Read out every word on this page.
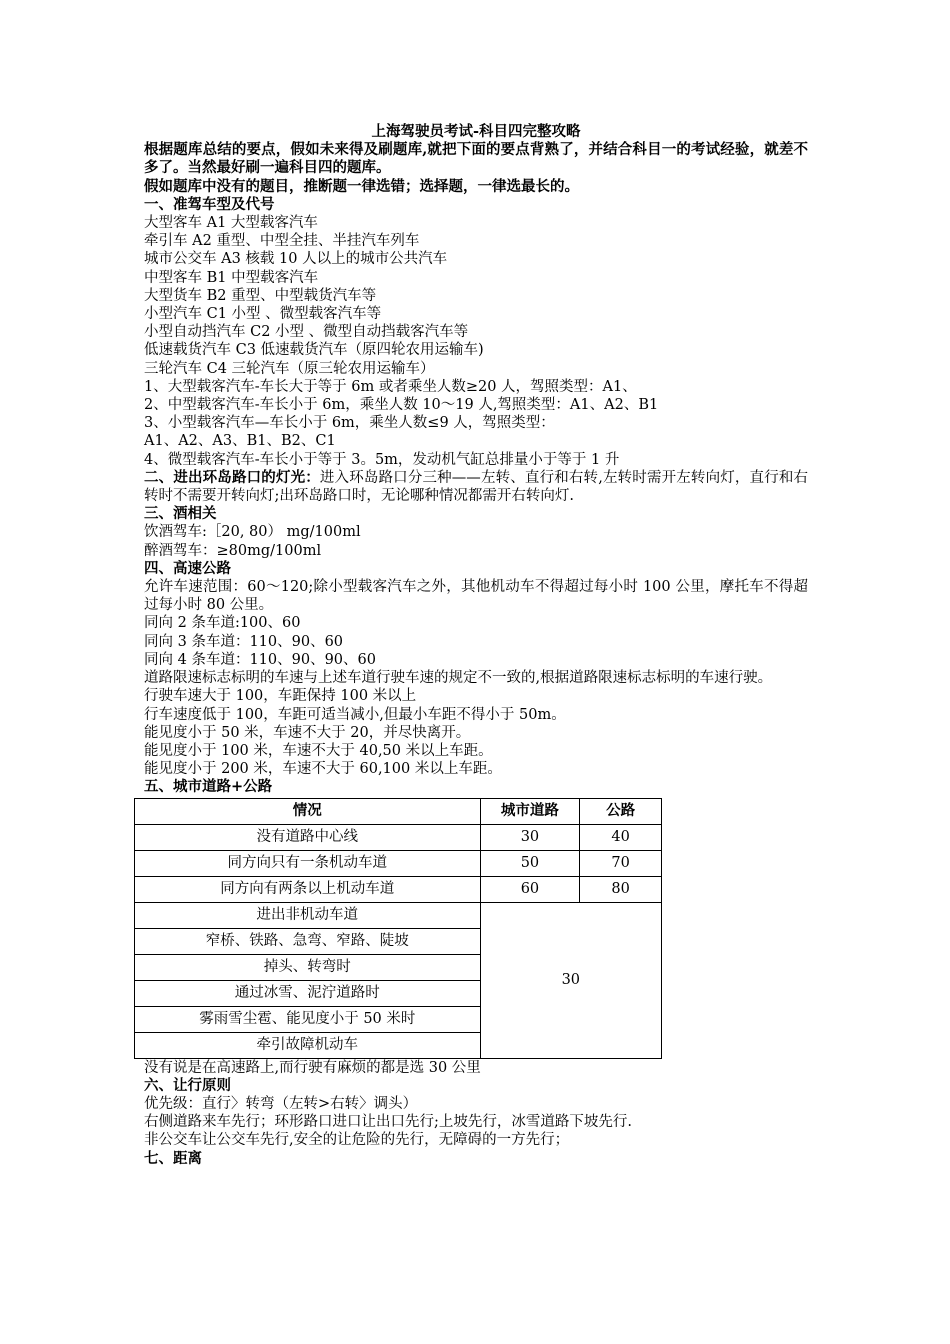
上海驾驶员考试-科目四完整攻略

根据题库总结的要点，假如未来得及刷题库,就把下面的要点背熟了，并结合科目一的考试经验，就差不多了。当然最好刷一遍科目四的题库。

假如题库中没有的题目，推断题一律选错；选择题，一律选最长的。

一、准驾车型及代号

大型客车 A1 大型载客汽车

牵引车 A2 重型、中型全挂、半挂汽车列车

城市公交车 A3 核载 10 人以上的城市公共汽车

中型客车 B1 中型载客汽车

大型货车 B2 重型、中型载货汽车等

小型汽车 C1 小型 、微型载客汽车等

小型自动挡汽车 C2 小型 、微型自动挡载客汽车等

低速载货汽车 C3 低速载货汽车（原四轮农用运输车)

三轮汽车 C4 三轮汽车（原三轮农用运输车）

1、大型载客汽车-车长大于等于 6m 或者乘坐人数≥20 人，驾照类型：A1、

2、中型载客汽车-车长小于 6m，乘坐人数 10～19 人,驾照类型：A1、A2、B1

3、小型载客汽车—车长小于 6m，乘坐人数≤9 人，驾照类型：

A1、A2、A3、B1、B2、C1

4、微型载客汽车-车长小于等于 3。5m，发动机气缸总排量小于等于 1 升

二、进出环岛路口的灯光：进入环岛路口分三种——左转、直行和右转,左转时需开左转向灯，直行和右转时不需要开转向灯;出环岛路口时，无论哪种情况都需开右转向灯.

三、酒相关

饮酒驾车:［20, 80） mg/100ml

醉酒驾车：≥80mg/100ml

四、高速公路

允许车速范围：60～120;除小型载客汽车之外，其他机动车不得超过每小时 100 公里，摩托车不得超过每小时 80 公里。

同向 2 条车道:100、60

同向 3 条车道：110、90、60

同向 4 条车道：110、90、90、60

道路限速标志标明的车速与上述车道行驶车速的规定不一致的,根据道路限速标志标明的车速行驶。

行驶车速大于 100，车距保持 100 米以上

行车速度低于 100，车距可适当减小,但最小车距不得小于 50m。

能见度小于 50 米，车速不大于 20，并尽快离开。

能见度小于 100 米，车速不大于 40,50 米以上车距。

能见度小于 200 米，车速不大于 60,100 米以上车距。

五、城市道路+公路

情况	城市道路	公路
没有道路中心线	30	40
同方向只有一条机动车道	50	70
同方向有两条以上机动车道	60	80
进出非机动车道	30	
窄桥、铁路、急弯、窄路、陡坡		
掉头、转弯时		
通过冰雪、泥泞道路时		
雾雨雪尘雹、能见度小于 50 米时		
牵引故障机动车		

没有说是在高速路上,而行驶有麻烦的都是选 30 公里

六、让行原则

优先级：直行〉转弯（左转>右转〉调头）

右侧道路来车先行；环形路口进口让出口先行;上坡先行，冰雪道路下坡先行.

非公交车让公交车先行,安全的让危险的先行，无障碍的一方先行；

七、距离
